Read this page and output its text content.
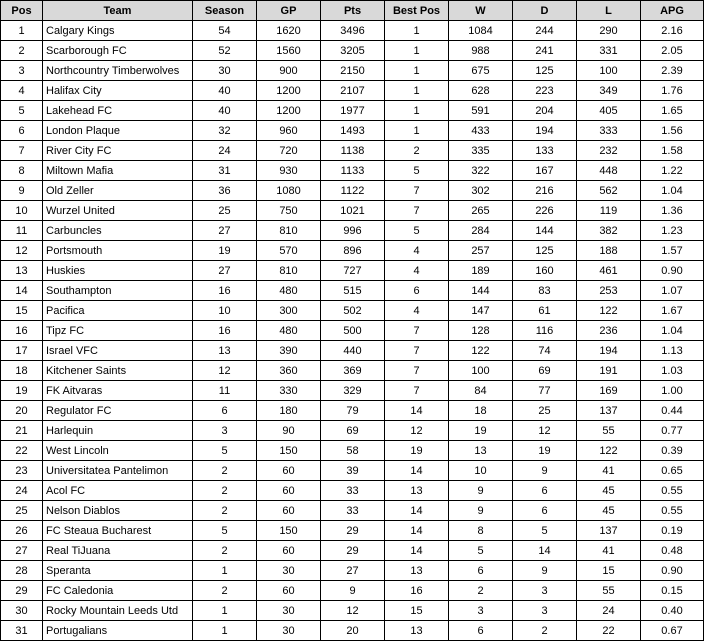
Pos	Team	Season	GP	Pts	Best Pos	W	D	L	APG
1	Calgary Kings	54	1620	3496	1	1084	244	290	2.16
2	Scarborough FC	52	1560	3205	1	988	241	331	2.05
3	Northcountry Timberwolves	30	900	2150	1	675	125	100	2.39
4	Halifax City	40	1200	2107	1	628	223	349	1.76
5	Lakehead FC	40	1200	1977	1	591	204	405	1.65
6	London Plaque	32	960	1493	1	433	194	333	1.56
7	River City FC	24	720	1138	2	335	133	232	1.58
8	Miltown Mafia	31	930	1133	5	322	167	448	1.22
9	Old Zeller	36	1080	1122	7	302	216	562	1.04
10	Wurzel United	25	750	1021	7	265	226	119	1.36
11	Carbuncles	27	810	996	5	284	144	382	1.23
12	Portsmouth	19	570	896	4	257	125	188	1.57
13	Huskies	27	810	727	4	189	160	461	0.90
14	Southampton	16	480	515	6	144	83	253	1.07
15	Pacifica	10	300	502	4	147	61	122	1.67
16	Tipz FC	16	480	500	7	128	116	236	1.04
17	Israel VFC	13	390	440	7	122	74	194	1.13
18	Kitchener Saints	12	360	369	7	100	69	191	1.03
19	FK Aitvaras	11	330	329	7	84	77	169	1.00
20	Regulator FC	6	180	79	14	18	25	137	0.44
21	Harlequin	3	90	69	12	19	12	55	0.77
22	West Lincoln	5	150	58	19	13	19	122	0.39
23	Universitatea Pantelimon	2	60	39	14	10	9	41	0.65
24	Acol FC	2	60	33	13	9	6	45	0.55
25	Nelson Diablos	2	60	33	14	9	6	45	0.55
26	FC Steaua Bucharest	5	150	29	14	8	5	137	0.19
27	Real TiJuana	2	60	29	14	5	14	41	0.48
28	Speranta	1	30	27	13	6	9	15	0.90
29	FC Caledonia	2	60	9	16	2	3	55	0.15
30	Rocky Mountain Leeds Utd	1	30	12	15	3	3	24	0.40
31	Portugalians	1	30	20	13	6	2	22	0.67
